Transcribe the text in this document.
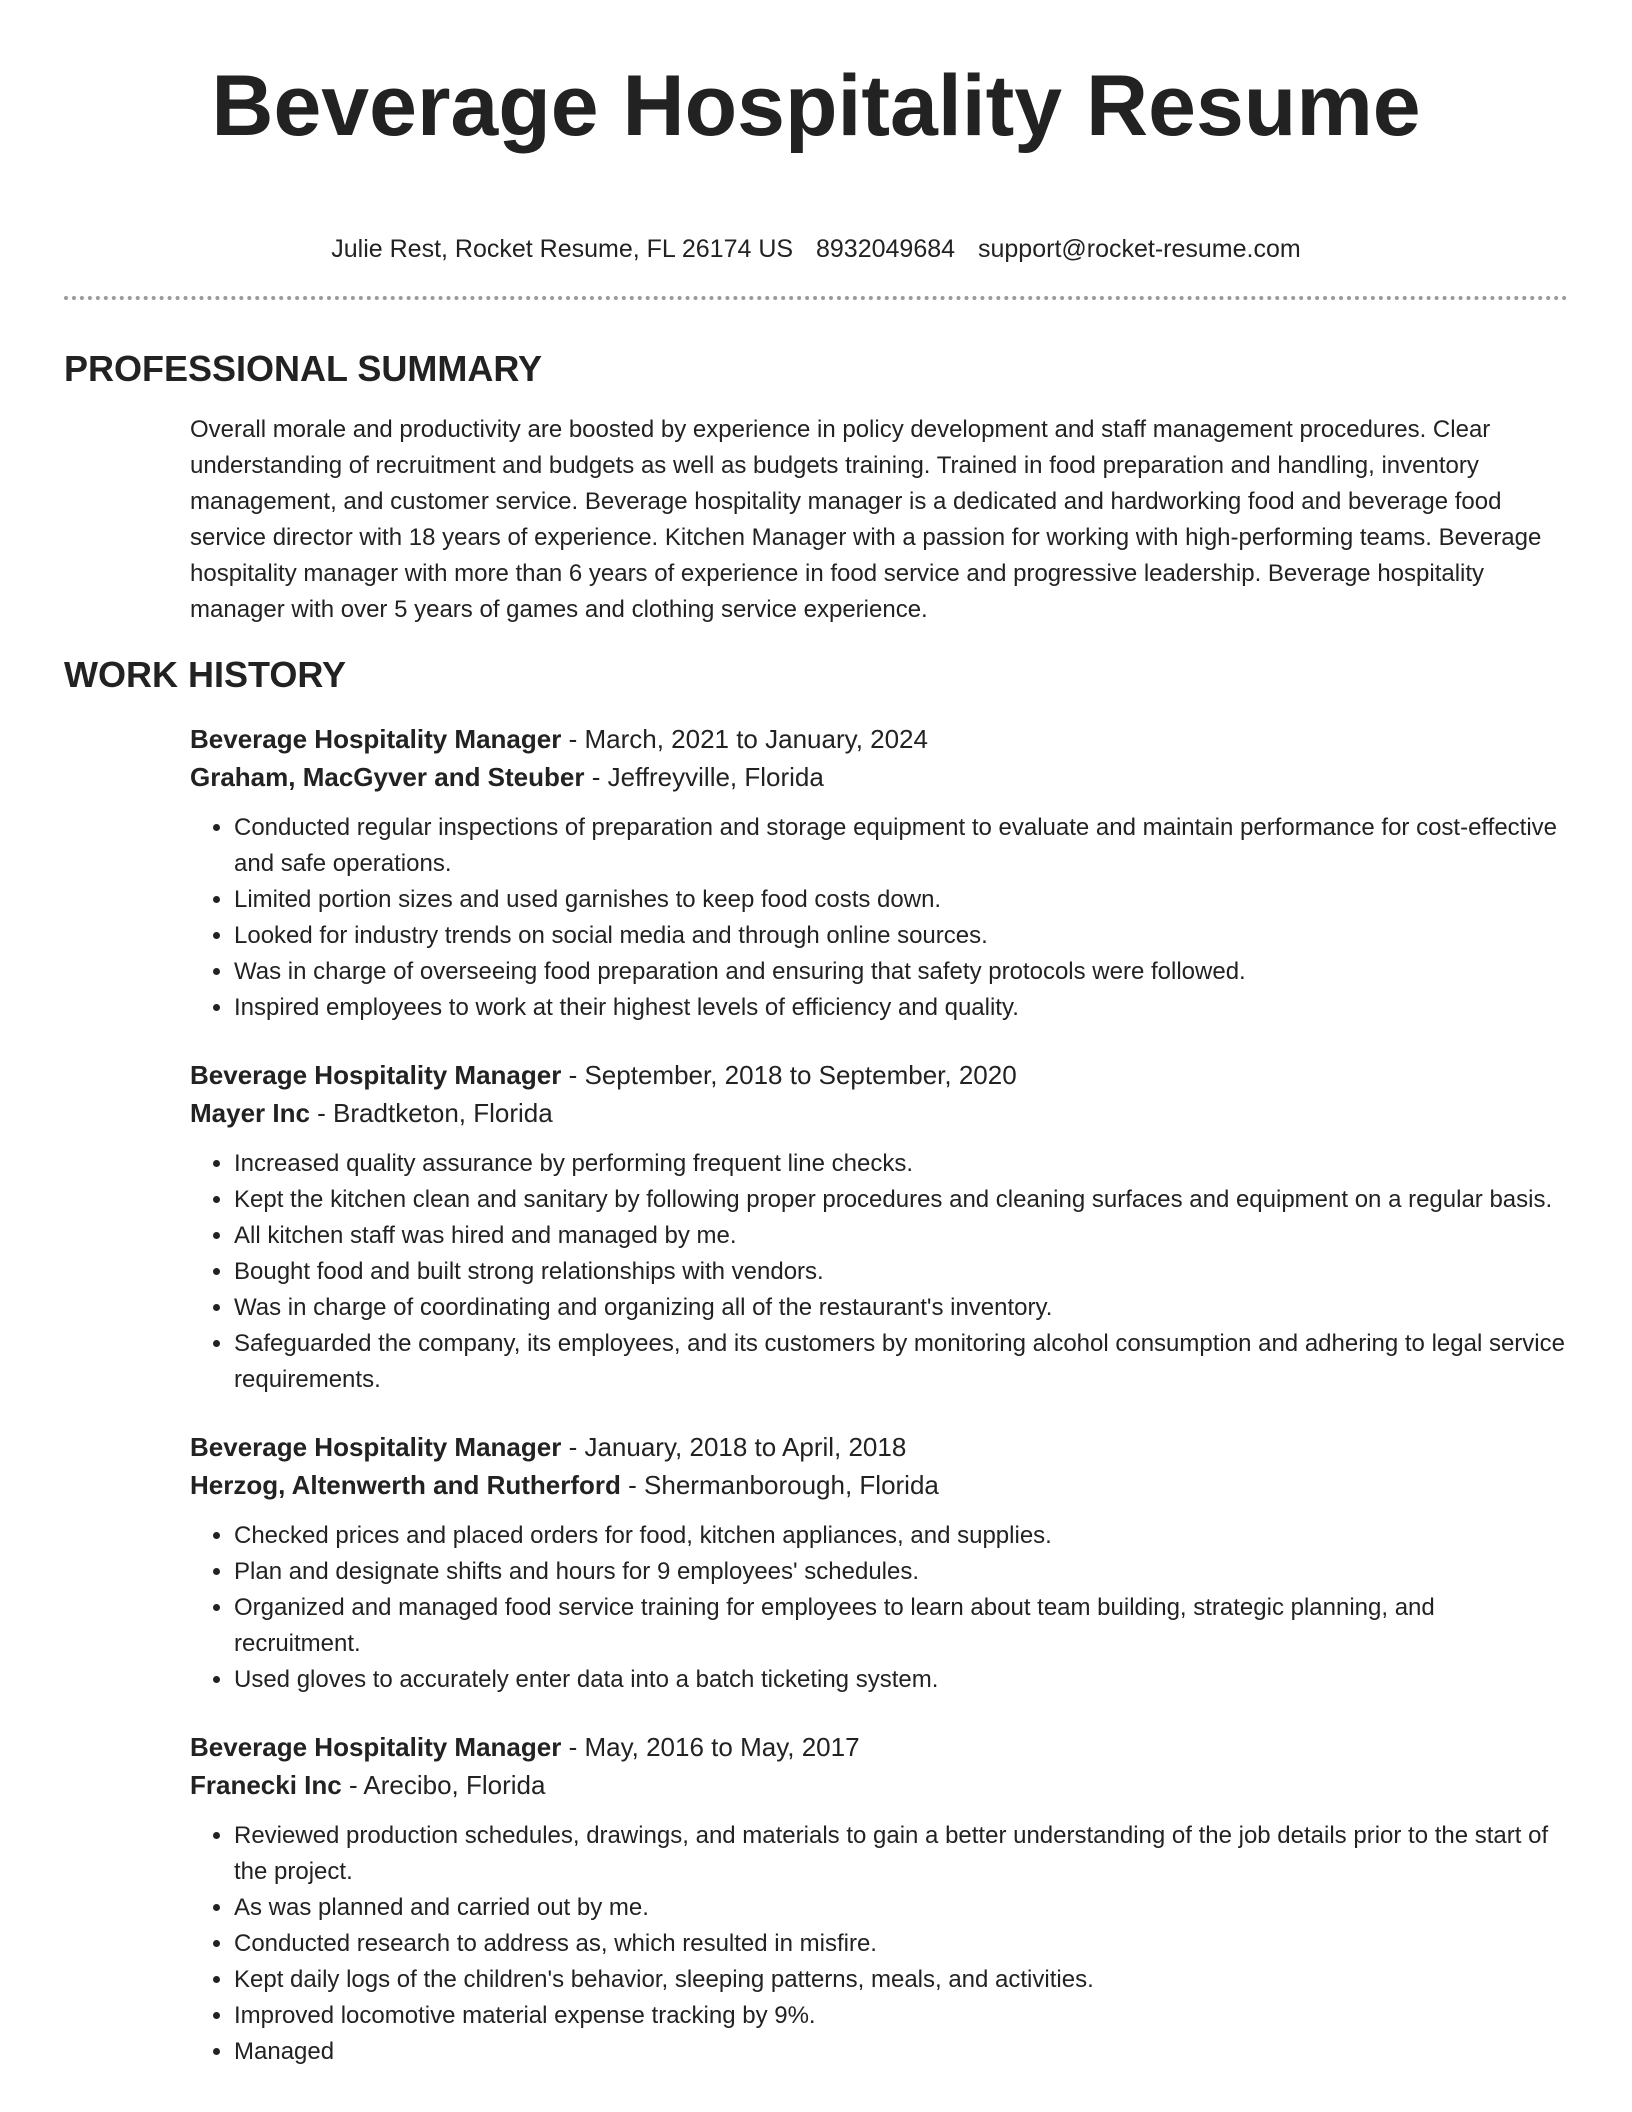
Beverage Hospitality Resume
Julie Rest, Rocket Resume, FL 26174 US 8932049684 support@rocket-resume.com
PROFESSIONAL SUMMARY
Overall morale and productivity are boosted by experience in policy development and staff management procedures. Clear understanding of recruitment and budgets as well as budgets training. Trained in food preparation and handling, inventory management, and customer service. Beverage hospitality manager is a dedicated and hardworking food and beverage food service director with 18 years of experience. Kitchen Manager with a passion for working with high-performing teams. Beverage hospitality manager with more than 6 years of experience in food service and progressive leadership. Beverage hospitality manager with over 5 years of games and clothing service experience.
WORK HISTORY
Beverage Hospitality Manager - March, 2021 to January, 2024
Graham, MacGyver and Steuber - Jeffreyville, Florida
• Conducted regular inspections of preparation and storage equipment to evaluate and maintain performance for cost-effective and safe operations.
• Limited portion sizes and used garnishes to keep food costs down.
• Looked for industry trends on social media and through online sources.
• Was in charge of overseeing food preparation and ensuring that safety protocols were followed.
• Inspired employees to work at their highest levels of efficiency and quality.
Beverage Hospitality Manager - September, 2018 to September, 2020
Mayer Inc - Bradtketon, Florida
• Increased quality assurance by performing frequent line checks.
• Kept the kitchen clean and sanitary by following proper procedures and cleaning surfaces and equipment on a regular basis.
• All kitchen staff was hired and managed by me.
• Bought food and built strong relationships with vendors.
• Was in charge of coordinating and organizing all of the restaurant's inventory.
• Safeguarded the company, its employees, and its customers by monitoring alcohol consumption and adhering to legal service requirements.
Beverage Hospitality Manager - January, 2018 to April, 2018
Herzog, Altenwerth and Rutherford - Shermanborough, Florida
• Checked prices and placed orders for food, kitchen appliances, and supplies.
• Plan and designate shifts and hours for 9 employees' schedules.
• Organized and managed food service training for employees to learn about team building, strategic planning, and recruitment.
• Used gloves to accurately enter data into a batch ticketing system.
Beverage Hospitality Manager - May, 2016 to May, 2017
Franecki Inc - Arecibo, Florida
• Reviewed production schedules, drawings, and materials to gain a better understanding of the job details prior to the start of the project.
• As was planned and carried out by me.
• Conducted research to address as, which resulted in misfire.
• Kept daily logs of the children's behavior, sleeping patterns, meals, and activities.
• Improved locomotive material expense tracking by 9%.
• Managed
